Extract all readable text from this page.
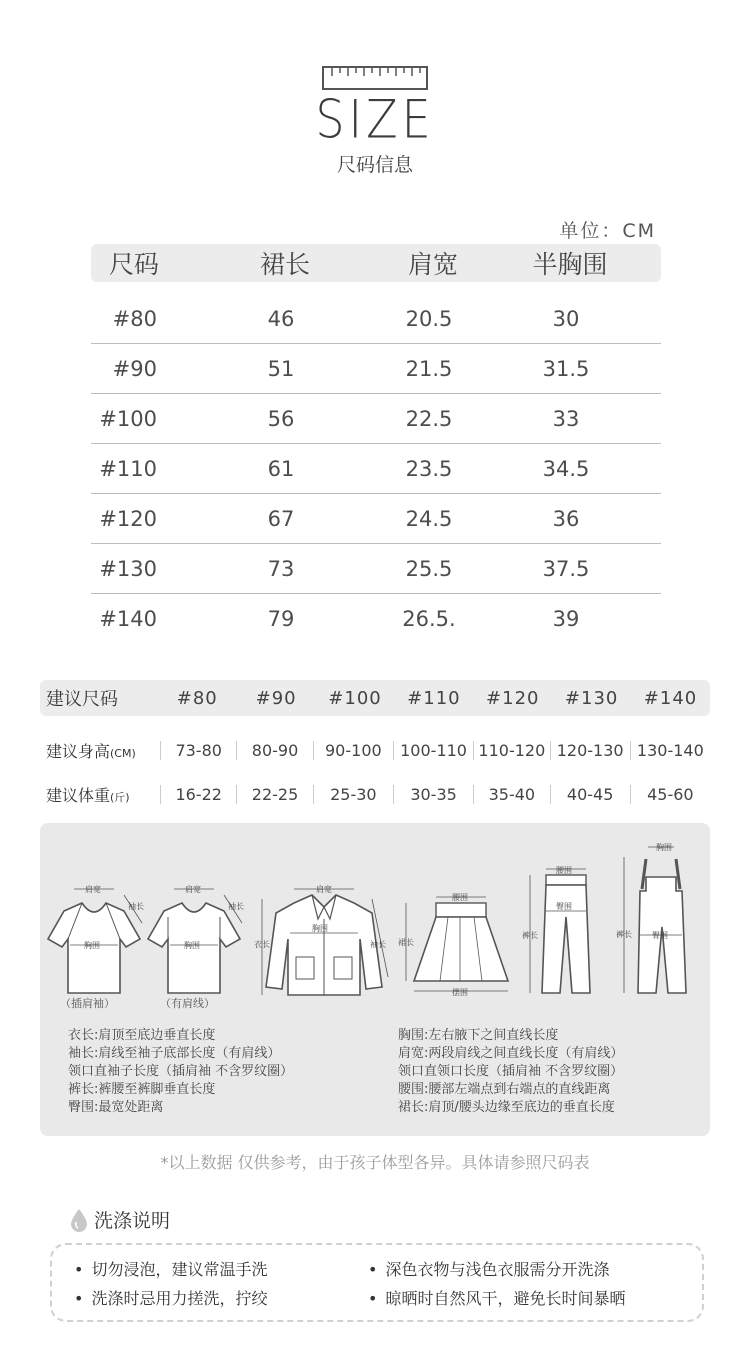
SIZE
尺码信息
单位：CM
尺码	裙长	肩宽	半胸围
#80	46	20.5	30
#90	51	21.5	31.5
#100	56	22.5	33
#110	61	23.5	34.5
#120	67	24.5	36
#130	73	25.5	37.5
#140	79	26.5.	39
建议尺码	#80	#90	#100	#110	#120	#130	#140
建议身高(CM)	73-80	80-90	90-100	100-110 110-120 120-130 130-140
建议体重(斤)	16-22	22-25	25-30	30-35	35-40	40-45	45-60
肩宽
胸围
袖长
（插肩袖）
肩宽
胸围
袖长
（有肩线）
肩宽
胸围
衣长	袖长
腰围
裙长
摆围
腰围
臀围
裤长
胸围
臀围
裤长
衣长:肩顶至底边垂直长度
袖长:肩线至袖子底部长度（有肩线）
领口直袖子长度（插肩袖 不含罗纹圈）
裤长:裤腰至裤脚垂直长度
臀围:最宽处距离
胸围:左右腋下之间直线长度
肩宽:两段肩线之间直线长度（有肩线）
领口直领口长度（插肩袖 不含罗纹圈）
腰围:腰部左端点到右端点的直线距离
裙长:肩顶/腰头边缘至底边的垂直长度
*以上数据 仅供参考，由于孩子体型各异。具体请参照尺码表
洗涤说明
• 切勿浸泡，建议常温手洗	• 深色衣物与浅色衣服需分开洗涤
• 洗涤时忌用力搓洗，拧绞	• 晾晒时自然风干，避免长时间暴晒
